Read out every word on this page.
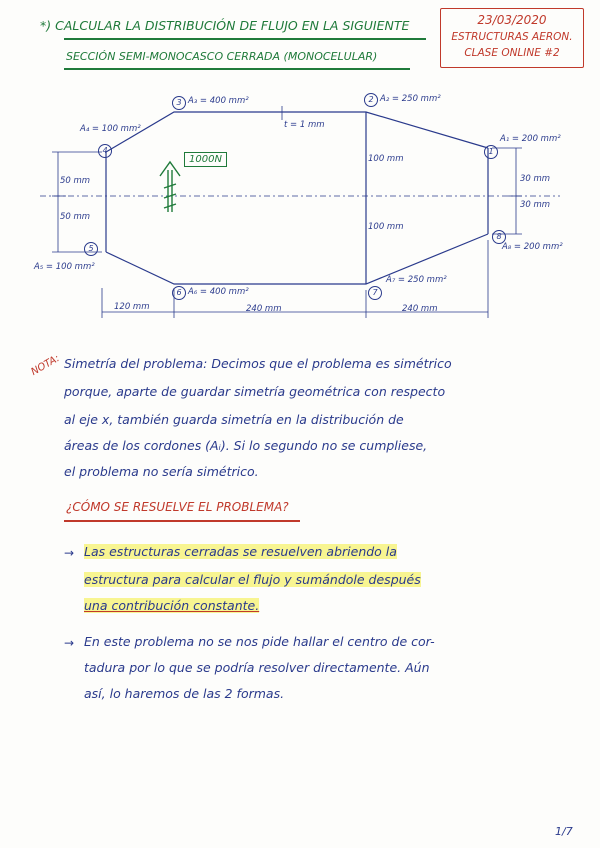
*) CALCULAR LA DISTRIBUCIÓN DE FLUJO EN LA SIGUIENTE
SECCIÓN SEMI-MONOCASCO CERRADA (MONOCELULAR)
23/03/2020
ESTRUCTURAS AERON.
CLASE ONLINE #2
3 A₃ = 400 mm²	2 A₂ = 250 mm²
A₄ = 100 mm²
4	1
A₁ = 200 mm²
t = 1 mm
1000N
50 mm
50 mm
100 mm
100 mm
30 mm
30 mm
5
A₅ = 100 mm²
8
A₈ = 200 mm²
6 A₆ = 400 mm²	7
A₇ = 250 mm²
120 mm	240 mm	240 mm
NOTA: Simetría del problema: Decimos que el problema es simétrico
porque, aparte de guardar simetría geométrica con respecto
al eje x, también guarda simetría en la distribución de
áreas de los cordones (Aᵢ). Si lo segundo no se cumpliese,
el problema no sería simétrico.
¿CÓMO SE RESUELVE EL PROBLEMA?
→ Las estructuras cerradas se resuelven abriendo la
estructura para calcular el flujo y sumándole después
una contribución constante.
→ En este problema no se nos pide hallar el centro de cor-
tadura por lo que se podría resolver directamente. Aún
así, lo haremos de las 2 formas.
1/7
